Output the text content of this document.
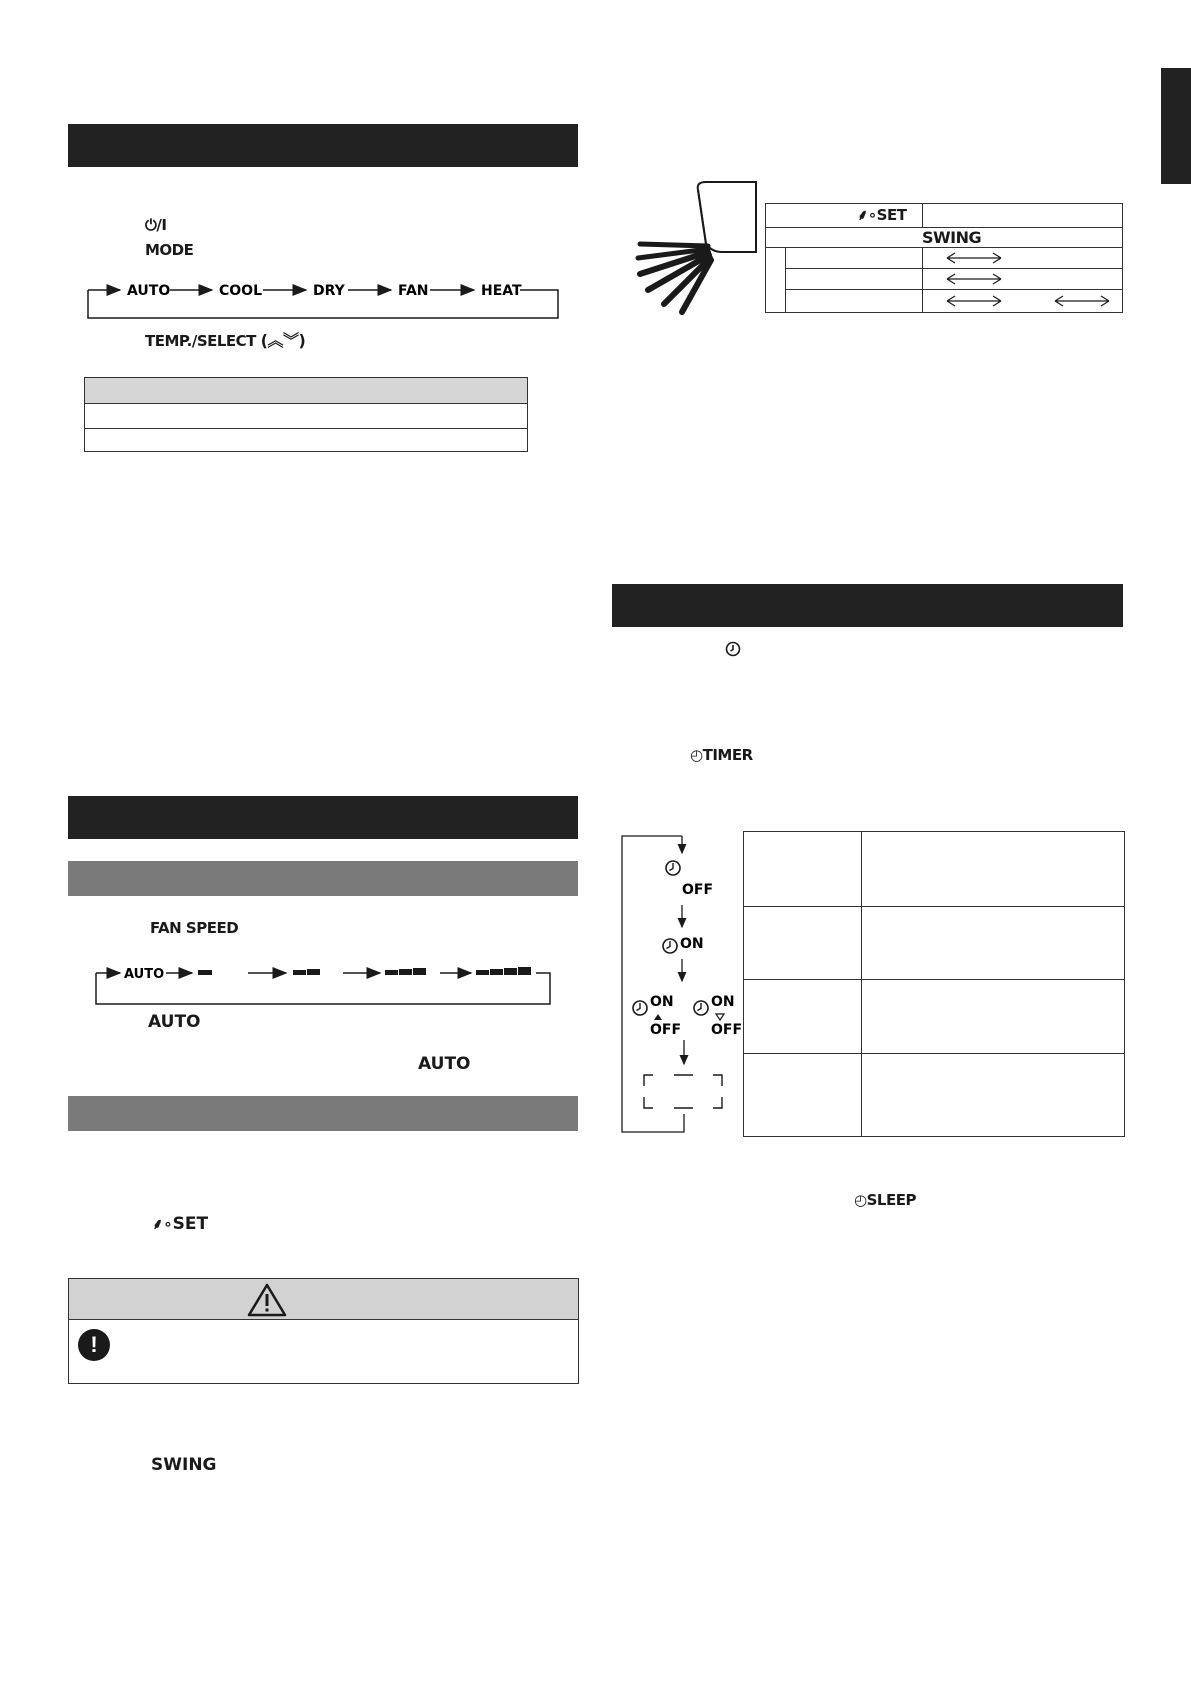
⏻/I
MODE
AUTO	COOL	DRY	FAN	HEAT
TEMP./SELECT (︽︾)
FAN SPEED
AUTO
AUTO
AUTO
⸙∘SET
!
SWING
⸙∘SET
SWING
◴TIMER
OFF
ON
ON
OFF
ON
OFF
◴SLEEP
